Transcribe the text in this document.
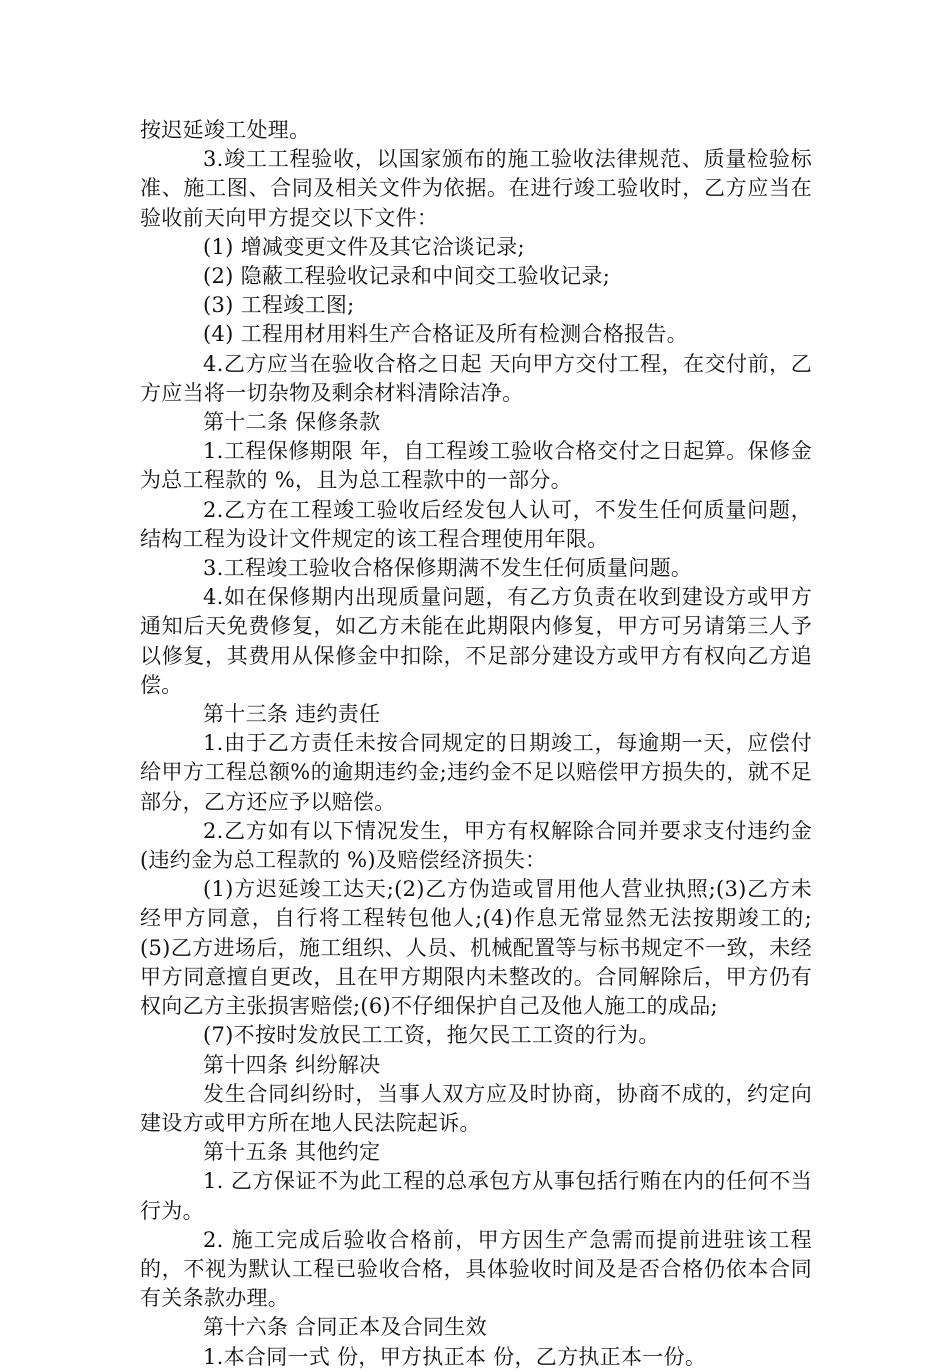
按迟延竣工处理。

3.竣工工程验收，以国家颁布的施工验收法律规范、质量检验标准、施工图、合同及相关文件为依据。在进行竣工验收时，乙方应当在验收前天向甲方提交以下文件：

(1) 增减变更文件及其它洽谈记录;

(2) 隐蔽工程验收记录和中间交工验收记录;

(3) 工程竣工图;

(4) 工程用材用料生产合格证及所有检测合格报告。

4.乙方应当在验收合格之日起 天向甲方交付工程，在交付前，乙方应当将一切杂物及剩余材料清除洁净。

第十二条 保修条款

1.工程保修期限 年，自工程竣工验收合格交付之日起算。保修金为总工程款的 %，且为总工程款中的一部分。

2.乙方在工程竣工验收后经发包人认可，不发生任何质量问题，结构工程为设计文件规定的该工程合理使用年限。

3.工程竣工验收合格保修期满不发生任何质量问题。

4.如在保修期内出现质量问题，有乙方负责在收到建设方或甲方通知后天免费修复，如乙方未能在此期限内修复，甲方可另请第三人予以修复，其费用从保修金中扣除，不足部分建设方或甲方有权向乙方追偿。

第十三条 违约责任

1.由于乙方责任未按合同规定的日期竣工，每逾期一天，应偿付给甲方工程总额%的逾期违约金;违约金不足以赔偿甲方损失的，就不足部分，乙方还应予以赔偿。

2.乙方如有以下情况发生，甲方有权解除合同并要求支付违约金(违约金为总工程款的 %)及赔偿经济损失：

(1)方迟延竣工达天;(2)乙方伪造或冒用他人营业执照;(3)乙方未经甲方同意，自行将工程转包他人;(4)作息无常显然无法按期竣工的;(5)乙方进场后，施工组织、人员、机械配置等与标书规定不一致，未经甲方同意擅自更改，且在甲方期限内未整改的。合同解除后，甲方仍有权向乙方主张损害赔偿;(6)不仔细保护自己及他人施工的成品;

(7)不按时发放民工工资，拖欠民工工资的行为。

第十四条 纠纷解决

发生合同纠纷时，当事人双方应及时协商，协商不成的，约定向建设方或甲方所在地人民法院起诉。

第十五条 其他约定

1. 乙方保证不为此工程的总承包方从事包括行贿在内的任何不当行为。

2. 施工完成后验收合格前，甲方因生产急需而提前进驻该工程的，不视为默认工程已验收合格，具体验收时间及是否合格仍依本合同有关条款办理。

第十六条 合同正本及合同生效

1.本合同一式 份，甲方执正本 份，乙方执正本一份。
